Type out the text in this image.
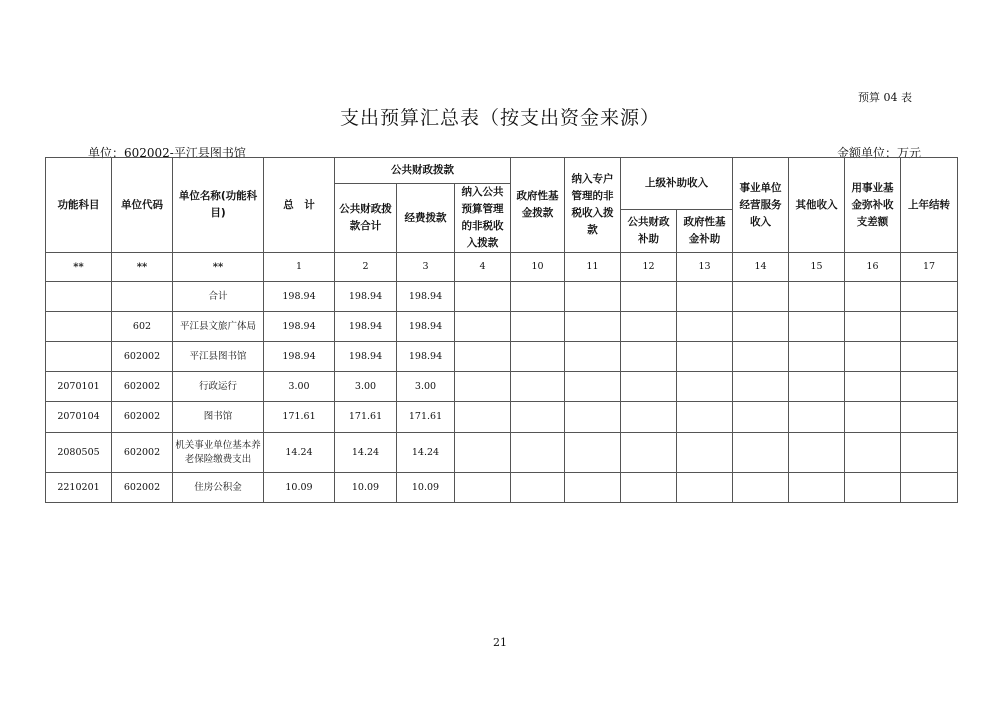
预算 04 表
支出预算汇总表（按支出资金来源）
单位：602002-平江县图书馆	金额单位：万元
功能科目	单位代码	单位名称(功能科目)	总　计	公共财政拨款			政府性基金拨款	纳入专户管理的非税收入拨款	上级补助收入		事业单位经营服务收入	其他收入	用事业基金弥补收支差额	上年结转
				公共财政拨款合计	经费拨款	纳入公共预算管理的非税收入拨款								
									公共财政补助	政府性基金补助				
**	**	**	1	2	3	4	10	11	12	13	14	15	16	17
		合计	198.94	198.94	198.94									
	602	平江县文旅广体局	198.94	198.94	198.94									
	602002	平江县图书馆	198.94	198.94	198.94									
2070101	602002	行政运行	3.00	3.00	3.00									
2070104	602002	图书馆	171.61	171.61	171.61									
2080505	602002	机关事业单位基本养老保险缴费支出	14.24	14.24	14.24									
2210201	602002	住房公积金	10.09	10.09	10.09									
21
